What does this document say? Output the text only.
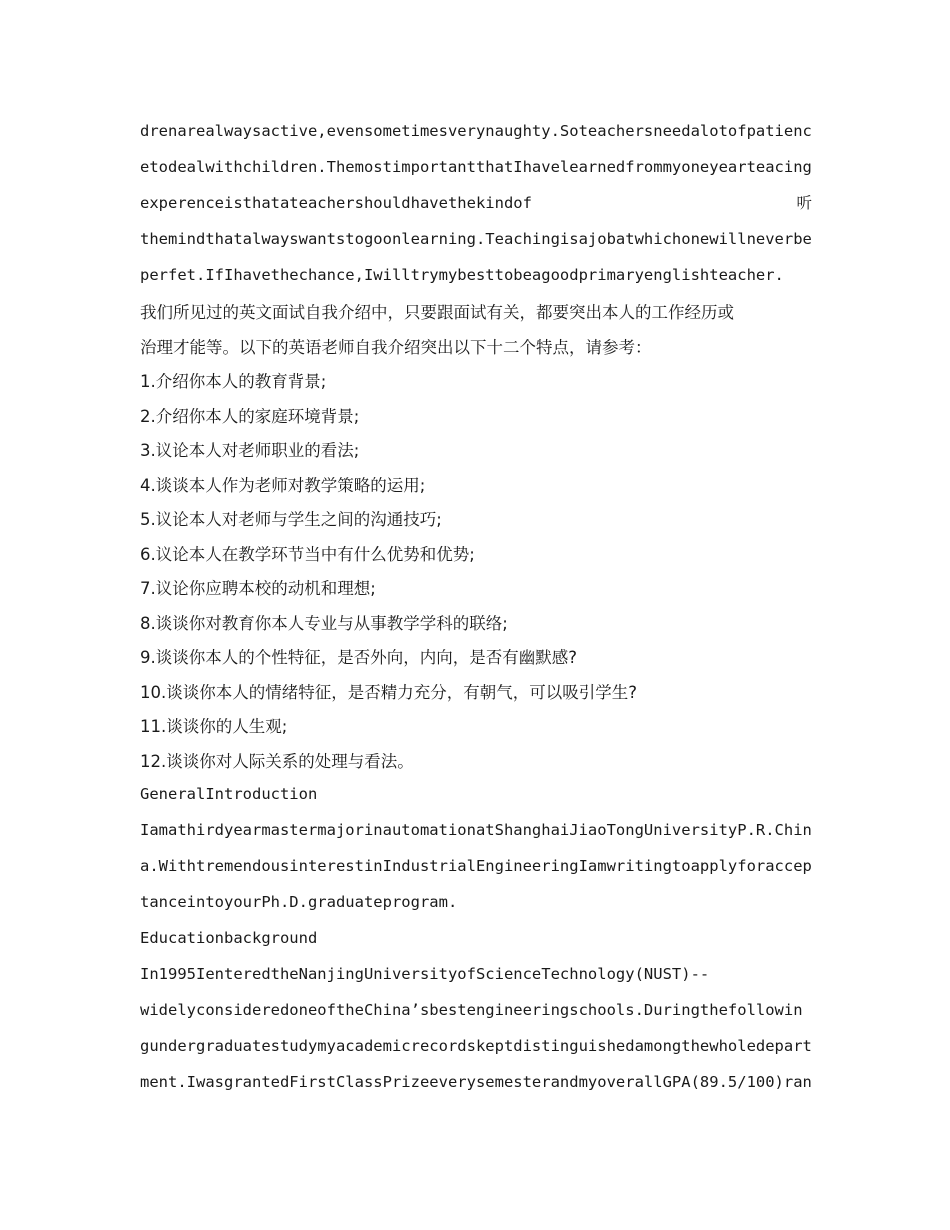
drenarealwaysactive,evensometimesverynaughty.Soteachersneedalotofpatienc
etodealwithchildren.ThemostimportantthatIhavelearnedfrommyoneyearteacing
experenceisthatateachershouldhavethekindof	听
themindthatalwayswantstogoonlearning.Teachingisajobatwhichonewillneverbe
perfet.IfIhavethechance,Iwilltrymybesttobeagoodprimaryenglishteacher.
我们所见过的英文面试自我介绍中，只要跟面试有关，都要突出本人的工作经历或
治理才能等。以下的英语老师自我介绍突出以下十二个特点，请参考：
1.介绍你本人的教育背景;
2.介绍你本人的家庭环境背景;
3.议论本人对老师职业的看法;
4.谈谈本人作为老师对教学策略的运用;
5.议论本人对老师与学生之间的沟通技巧;
6.议论本人在教学环节当中有什么优势和优势;
7.议论你应聘本校的动机和理想;
8.谈谈你对教育你本人专业与从事教学学科的联络;
9.谈谈你本人的个性特征，是否外向，内向，是否有幽默感?
10.谈谈你本人的情绪特征，是否精力充分，有朝气，可以吸引学生?
11.谈谈你的人生观;
12.谈谈你对人际关系的处理与看法。
GeneralIntroduction
IamathirdyearmastermajorinautomationatShanghaiJiaoTongUniversityP.R.Chin
a.WithtremendousinterestinIndustrialEngineeringIamwritingtoapplyforaccep
tanceintoyourPh.D.graduateprogram.
Educationbackground
In1995IenteredtheNanjingUniversityofScienceTechnology(NUST)--
widelyconsideredoneoftheChina’sbestengineeringschools.Duringthefollowin
gundergraduatestudymyacademicrecordskeptdistinguishedamongthewholedepart
ment.IwasgrantedFirstClassPrizeeverysemesterandmyoverallGPA(89.5/100)ran
